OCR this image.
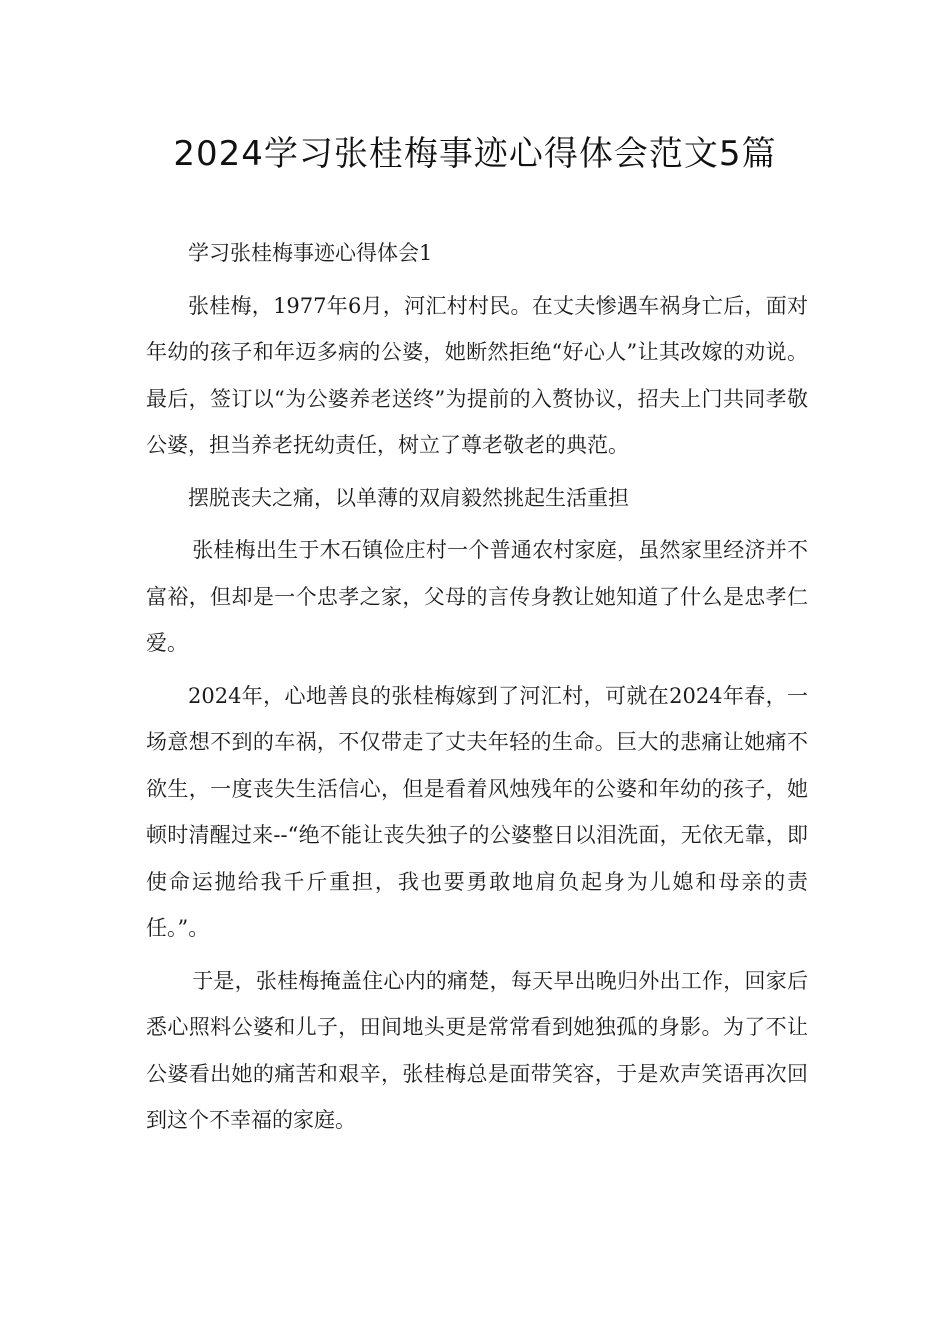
2024学习张桂梅事迹心得体会范文5篇

学习张桂梅事迹心得体会1

张桂梅，1977年6月，河汇村村民。在丈夫惨遇车祸身亡后，面对年幼的孩子和年迈多病的公婆，她断然拒绝“好心人”让其改嫁的劝说。最后，签订以“为公婆养老送终”为提前的入赘协议，招夫上门共同孝敬公婆，担当养老抚幼责任，树立了尊老敬老的典范。

摆脱丧夫之痛，以单薄的双肩毅然挑起生活重担

张桂梅出生于木石镇俭庄村一个普通农村家庭，虽然家里经济并不富裕，但却是一个忠孝之家，父母的言传身教让她知道了什么是忠孝仁爱。

2024年，心地善良的张桂梅嫁到了河汇村，可就在2024年春，一场意想不到的车祸，不仅带走了丈夫年轻的生命。巨大的悲痛让她痛不欲生，一度丧失生活信心，但是看着风烛残年的公婆和年幼的孩子，她顿时清醒过来--“绝不能让丧失独子的公婆整日以泪洗面，无依无靠，即使命运抛给我千斤重担，我也要勇敢地肩负起身为儿媳和母亲的责任。”。

于是，张桂梅掩盖住心内的痛楚，每天早出晚归外出工作，回家后悉心照料公婆和儿子，田间地头更是常常看到她独孤的身影。为了不让公婆看出她的痛苦和艰辛，张桂梅总是面带笑容，于是欢声笑语再次回到这个不幸福的家庭。
